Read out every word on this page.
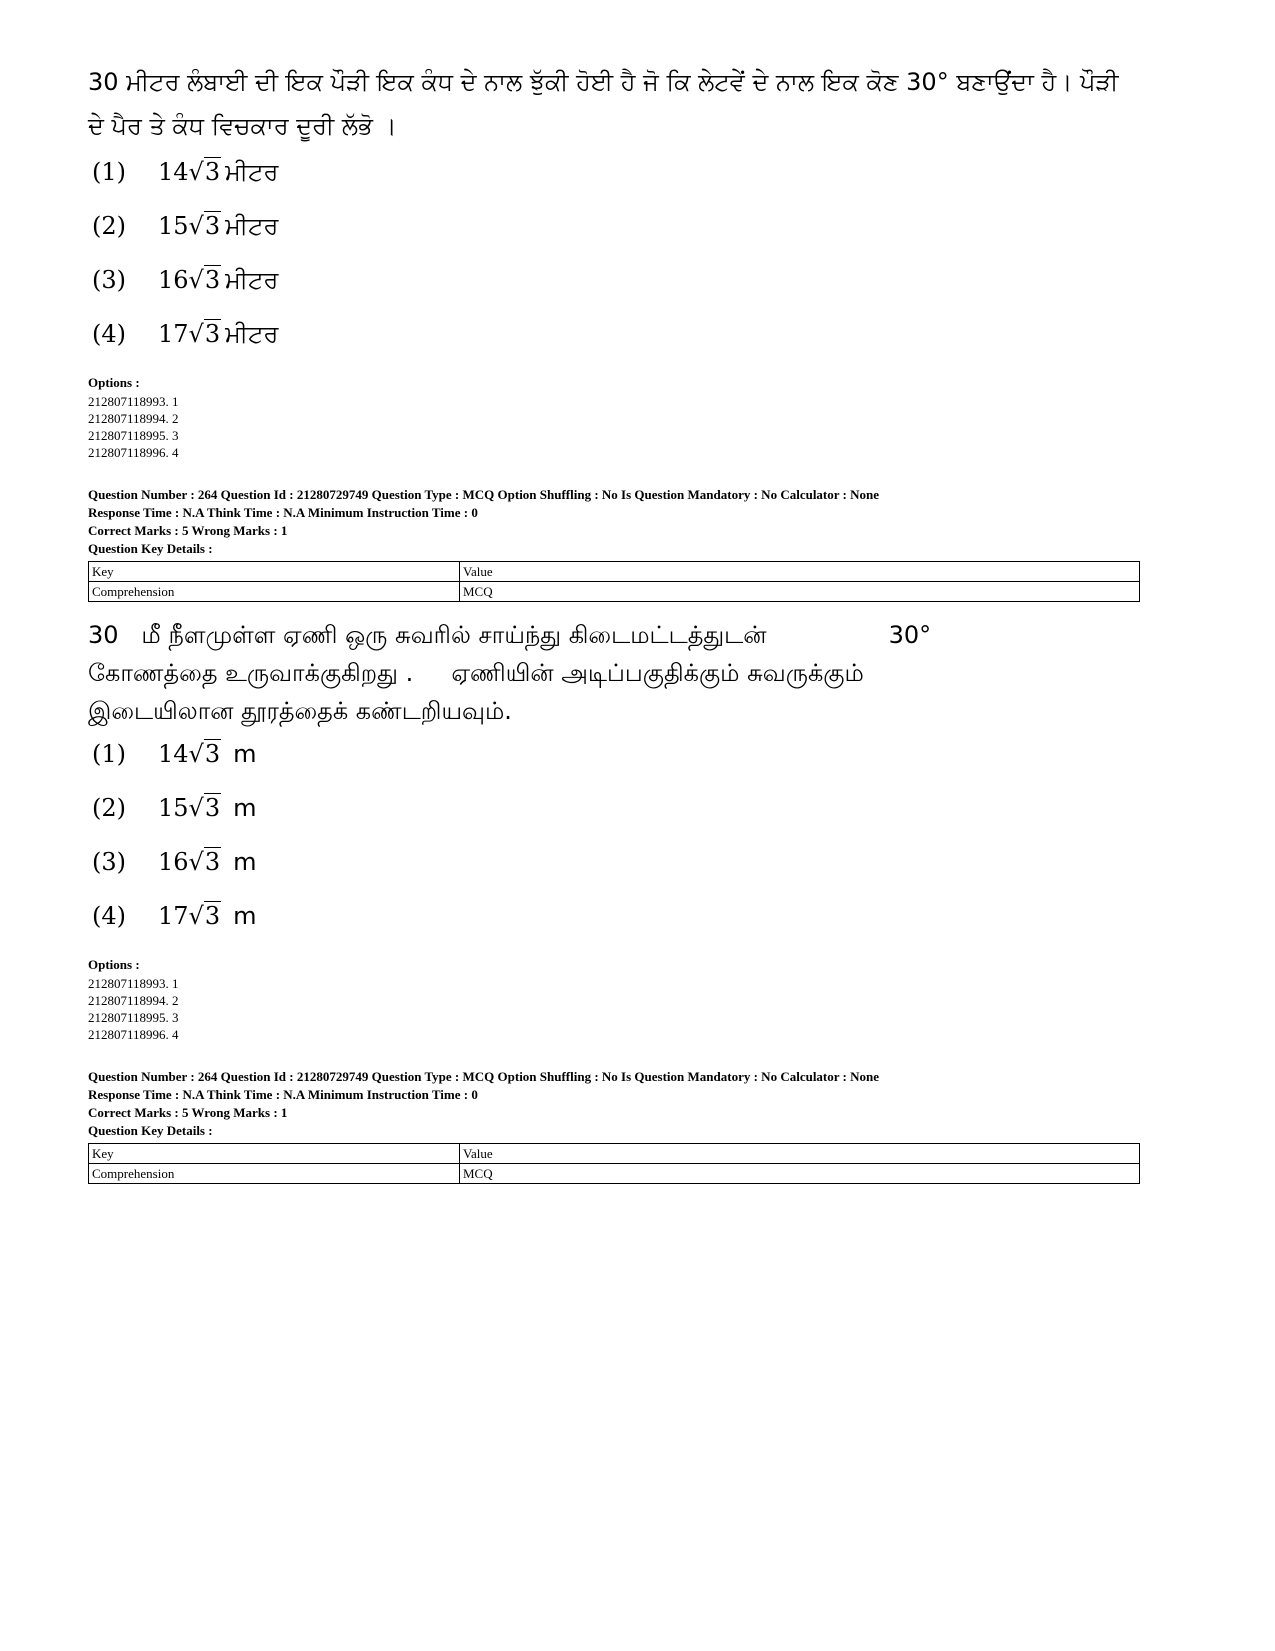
30 ਮੀਟਰ ਲੰਬਾਈ ਦੀ ਇਕ ਪੌੜੀ ਇਕ ਕੰਧ ਦੇ ਨਾਲ ਝੁੱਕੀ ਹੋਈ ਹੈ ਜੋ ਕਿ ਲੇਟਵੇਂ ਦੇ ਨਾਲ ਇਕ ਕੋਣ 30° ਬਣਾਉਂਦਾ ਹੈ। ਪੌੜੀ
ਦੇ ਪੈਰ ਤੇ ਕੰਧ ਵਿਚਕਾਰ ਦੂਰੀ ਲੱਭੋ ।

(1)	14√3 ਮੀਟਰ
(2)	15√3 ਮੀਟਰ
(3)	16√3 ਮੀਟਰ
(4)	17√3 ਮੀਟਰ
Options :
212807118993. 1
212807118994. 2
212807118995. 3
212807118996. 4
Question Number : 264 Question Id : 21280729749 Question Type : MCQ Option Shuffling : No Is Question Mandatory : No Calculator : None
Response Time : N.A Think Time : N.A Minimum Instruction Time : 0
Correct Marks : 5 Wrong Marks : 1
Question Key Details :
Key	Value
Comprehension	MCQ

30   மீ நீளமுள்ள ஏணி ஒரு சுவரில் சாய்ந்து கிடைமட்டத்துடன்                30°
கோணத்தை உருவாக்குகிறது .     ஏணியின் அடிப்பகுதிக்கும் சுவருக்கும்
இடையிலான தூரத்தைக் கண்டறியவும்.

(1)	14√3 m
(2)	15√3 m
(3)	16√3 m
(4)	17√3 m
Options :
212807118993. 1
212807118994. 2
212807118995. 3
212807118996. 4
Question Number : 264 Question Id : 21280729749 Question Type : MCQ Option Shuffling : No Is Question Mandatory : No Calculator : None
Response Time : N.A Think Time : N.A Minimum Instruction Time : 0
Correct Marks : 5 Wrong Marks : 1
Question Key Details :
Key	Value
Comprehension	MCQ
